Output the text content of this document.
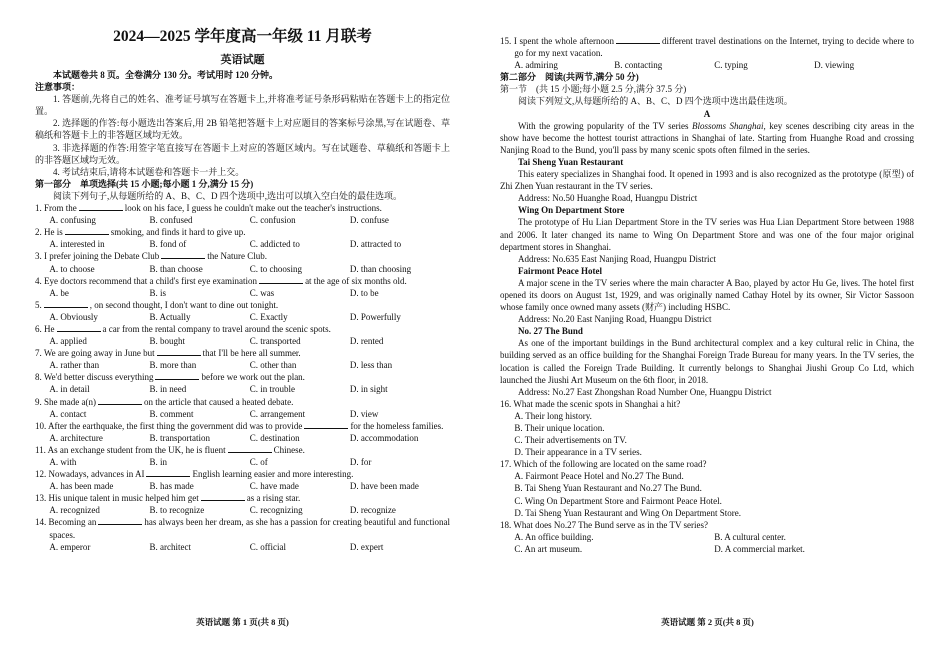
2024—2025 学年度高一年级 11 月联考
英语试题

本试题卷共 8 页。全卷满分 130 分。考试用时 120 分钟。

注意事项：

1. 答题前,先将自己的姓名、准考证号填写在答题卡上,并将准考证号条形码粘贴在答题卡上的指定位置。

2. 选择题的作答:每小题选出答案后,用 2B 铅笔把答题卡上对应题目的答案标号涂黑,写在试题卷、草稿纸和答题卡上的非答题区域均无效。

3. 非选择题的作答:用签字笔直接写在答题卡上对应的答题区域内。写在试题卷、草稿纸和答题卡上的非答题区域均无效。

4. 考试结束后,请将本试题卷和答题卡一并上交。

第一部分　单项选择(共 15 小题;每小题 1 分,满分 15 分)

阅读下列句子,从每题所给的 A、B、C、D 四个选项中,选出可以填入空白处的最佳选项。

1. From the	look on his face, I guess he couldn't make out the teacher's instructions.

A. confusing	B. confused	C. confusion	D. confuse

2. He is	smoking, and finds it hard to give up.

A. interested in	B. fond of	C. addicted to	D. attracted to

3. I prefer joining the Debate Club	the Nature Club.

A. to choose	B. than choose	C. to choosing	D. than choosing

4. Eye doctors recommend that a child's first eye examination	at the age of six months old.

A. be	B. is	C. was	D. to be

5.	, on second thought, I don't want to dine out tonight.

A. Obviously	B. Actually	C. Exactly	D. Powerfully

6. He	a car from the rental company to travel around the scenic spots.

A. applied	B. bought	C. transported	D. rented

7. We are going away in June but	that I'll be here all summer.

A. rather than	B. more than	C. other than	D. less than

8. We'd better discuss everything	before we work out the plan.

A. in detail	B. in need	C. in trouble	D. in sight

9. She made a(n)	on the article that caused a heated debate.

A. contact	B. comment	C. arrangement	D. view

10. After the earthquake, the first thing the government did was to provide	for the homeless families.

A. architecture	B. transportation	C. destination	D. accommodation

11. As an exchange student from the UK, he is fluent	Chinese.

A. with	B. in	C. of	D. for

12. Nowadays, advances in AI	English learning easier and more interesting.

A. has been made	B. has made	C. have made	D. have been made

13. His unique talent in music helped him get	as a rising star.

A. recognized	B. to recognize	C. recognizing	D. recognize

14. Becoming an	has always been her dream, as she has a passion for creating beautiful and functional spaces.

A. emperor	B. architect	C. official	D. expert
英语试题 第 1 页(共 8 页)

15. I spent the whole afternoon	different travel destinations on the Internet, trying to decide where to go for my next vacation.

A. admiring	B. contacting	C. typing	D. viewing

第二部分　阅读(共两节,满分 50 分)

第一节　(共 15 小题;每小题 2.5 分,满分 37.5 分)

阅读下列短文,从每题所给的 A、B、C、D 四个选项中选出最佳选项。

A

With the growing popularity of the TV series Blossoms Shanghai, key scenes describing city areas in the show have become the hottest tourist attractions in Shanghai of late. Starting from Huanghe Road and crossing Nanjing Road to the Bund, you'll pass by many scenic spots often filmed in the series.

Tai Sheng Yuan Restaurant

This eatery specializes in Shanghai food. It opened in 1993 and is also recognized as the prototype (原型) of Zhi Zhen Yuan restaurant in the TV series.

Address: No.50 Huanghe Road, Huangpu District

Wing On Department Store

The prototype of Hu Lian Department Store in the TV series was Hua Lian Department Store between 1988 and 2006. It later changed its name to Wing On Department Store and was one of the four major original department stores in Shanghai.

Address: No.635 East Nanjing Road, Huangpu District

Fairmont Peace Hotel

A major scene in the TV series where the main character A Bao, played by actor Hu Ge, lives. The hotel first opened its doors on August 1st, 1929, and was originally named Cathay Hotel by its owner, Sir Victor Sassoon whose family once owned many assets (财产) including HSBC.

Address: No.20 East Nanjing Road, Huangpu District

No. 27 The Bund

As one of the important buildings in the Bund architectural complex and a key cultural relic in China, the building served as an office building for the Shanghai Foreign Trade Bureau for many years. In the TV series, the location is called the Foreign Trade Building. It currently belongs to Shanghai Jiushi Group Co Ltd, which launched the Jiushi Art Museum on the 6th floor, in 2018.

Address: No.27 East Zhongshan Road Number One, Huangpu District

16. What made the scenic spots in Shanghai a hit?

A. Their long history.

B. Their unique location.

C. Their advertisements on TV.

D. Their appearance in a TV series.

17. Which of the following are located on the same road?

A. Fairmont Peace Hotel and No.27 The Bund.

B. Tai Sheng Yuan Restaurant and No.27 The Bund.

C. Wing On Department Store and Fairmont Peace Hotel.

D. Tai Sheng Yuan Restaurant and Wing On Department Store.

18. What does No.27 The Bund serve as in the TV series?

A. An office building.	B. A cultural center.
C. An art museum.	D. A commercial market.
英语试题 第 2 页(共 8 页)
